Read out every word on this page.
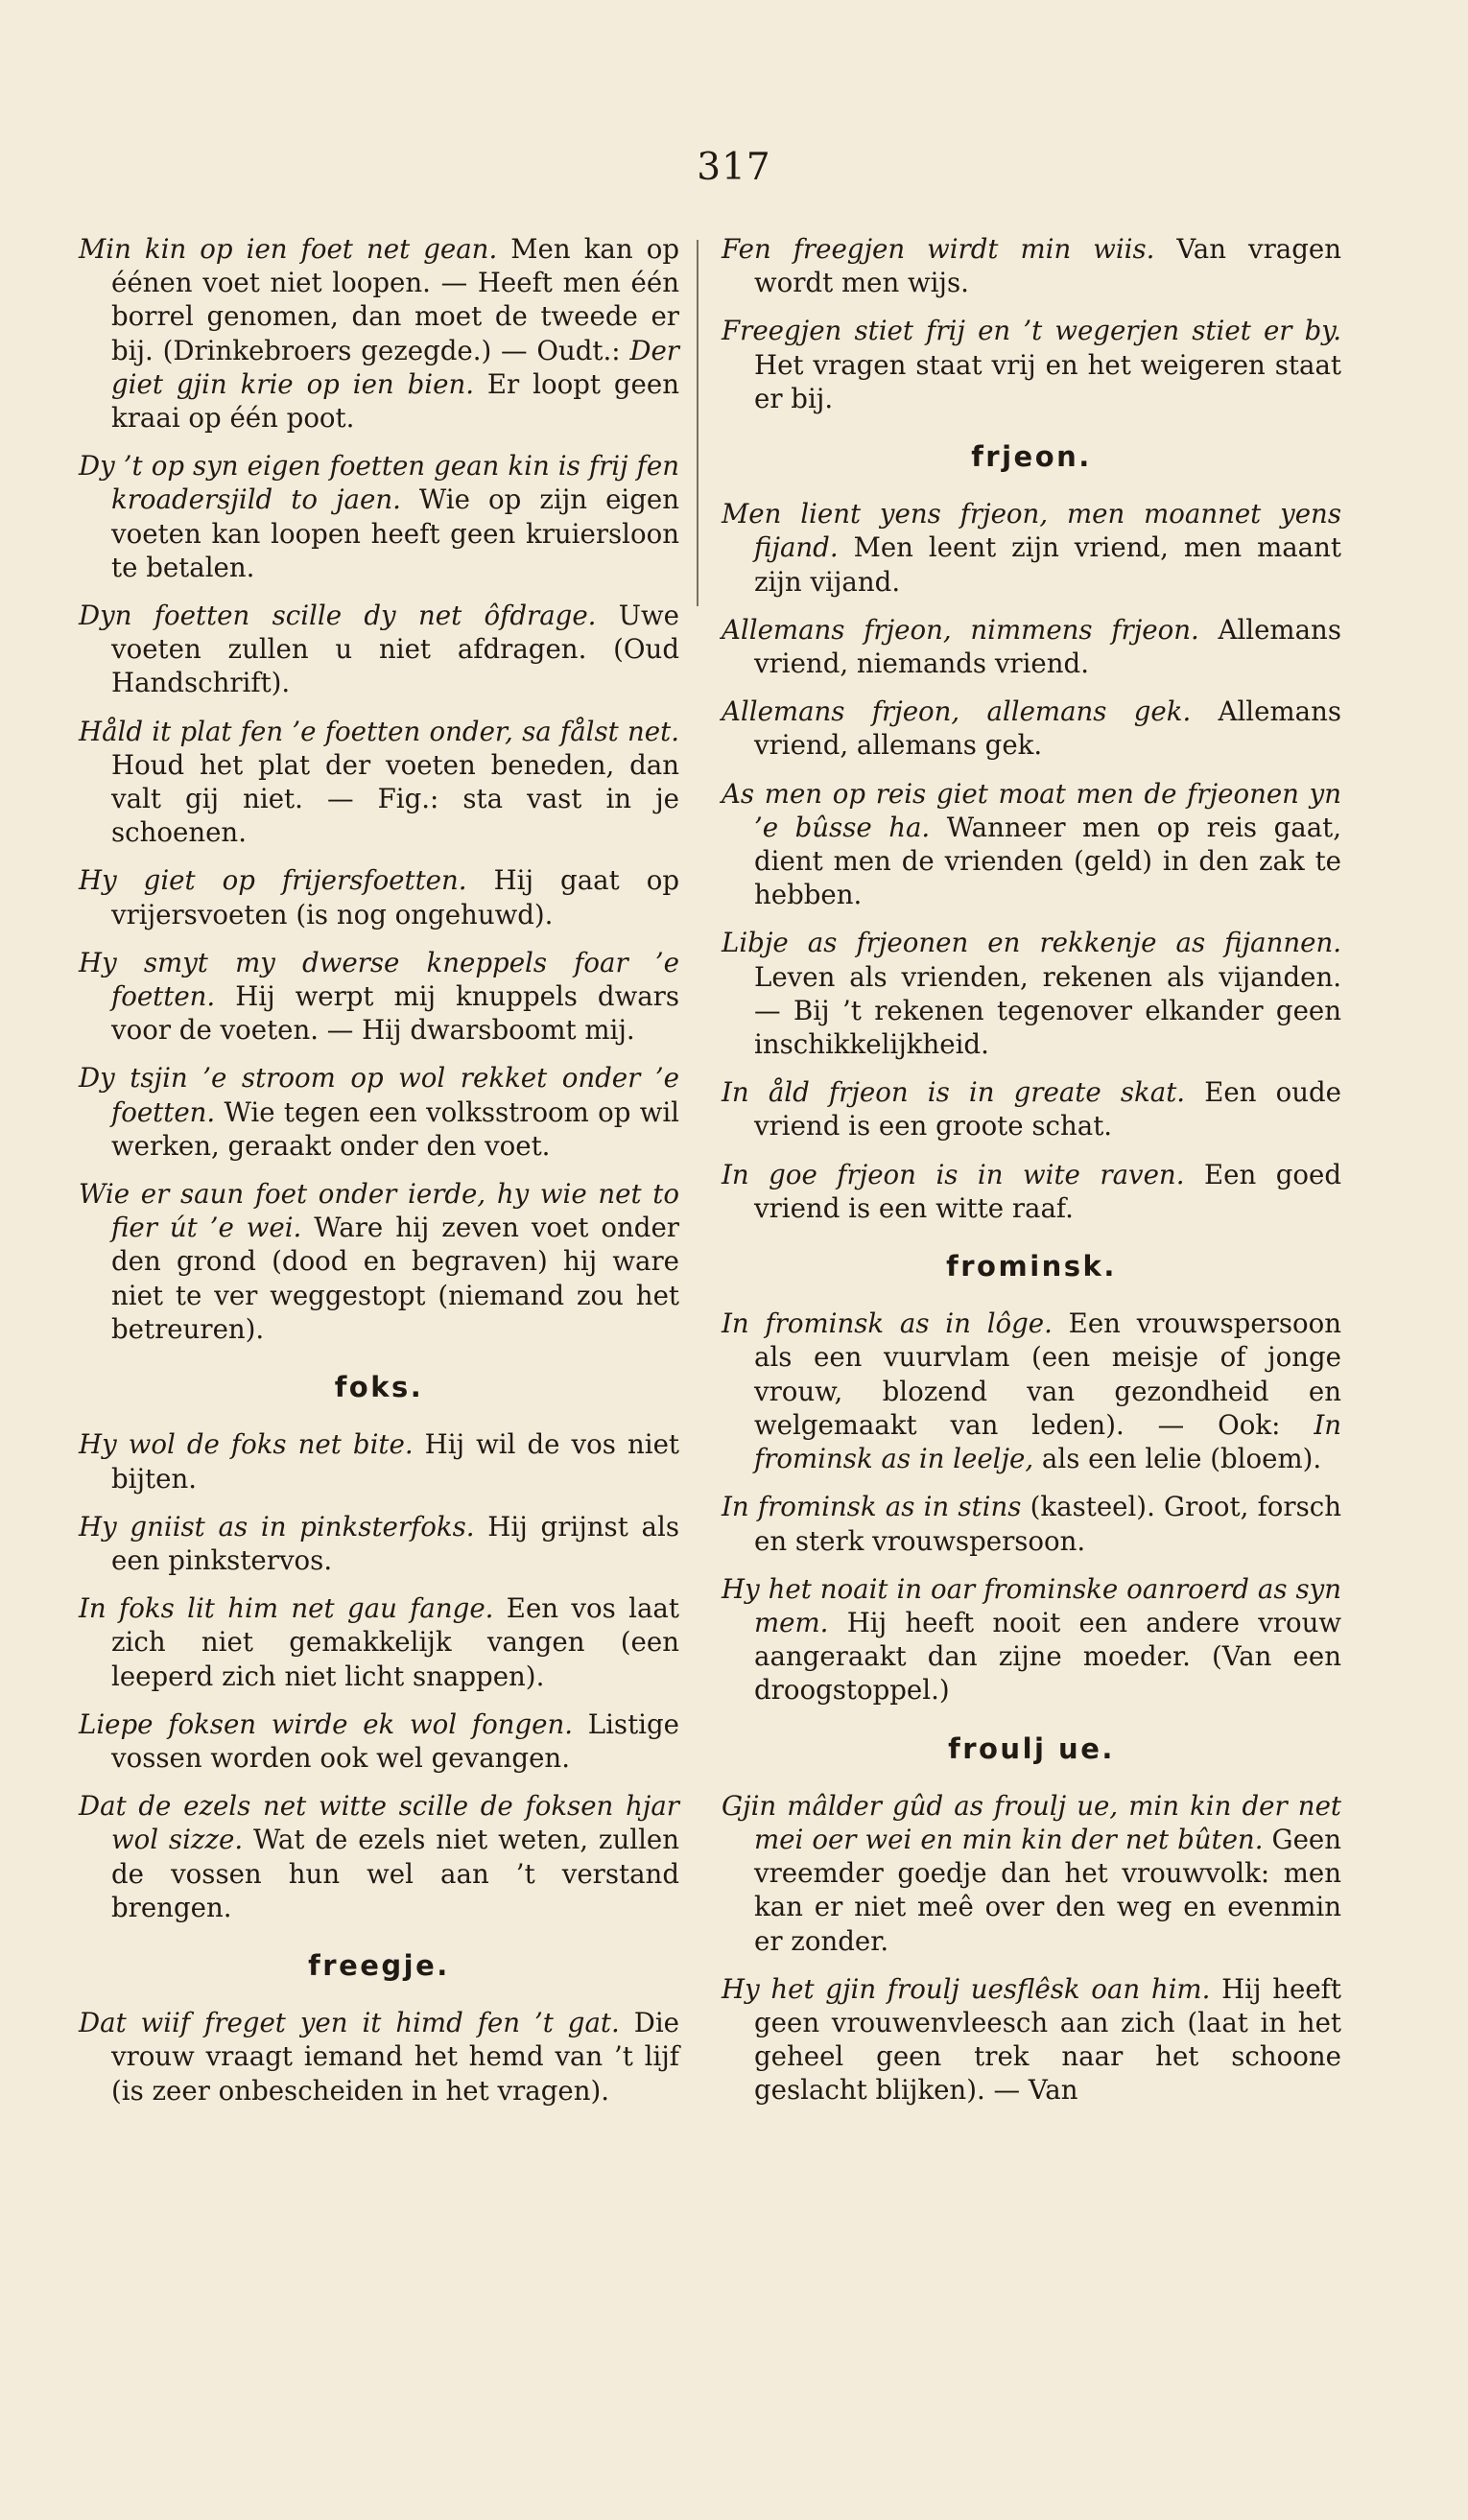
317

Min kin op ien foet net gean. Men kan op éénen voet niet loopen. — Heeft men één borrel genomen, dan moet de tweede er bij. (Drinkebroers gezegde.) — Oudt.: Der giet gjin krie op ien bien. Er loopt geen kraai op één poot.

Dy ’t op syn eigen foetten gean kin is frij fen kroadersjild to jaen. Wie op zijn eigen voeten kan loopen heeft geen kruiersloon te betalen.

Dyn foetten scille dy net ôfdrage. Uwe voeten zullen u niet afdragen. (Oud Handschrift).

Håld it plat fen ’e foetten onder, sa fålst net. Houd het plat der voeten beneden, dan valt gij niet. — Fig.: sta vast in je schoenen.

Hy giet op frijersfoetten. Hij gaat op vrijersvoeten (is nog ongehuwd).

Hy smyt my dwerse kneppels foar ’e foetten. Hij werpt mij knuppels dwars voor de voeten. — Hij dwarsboomt mij.

Dy tsjin ’e stroom op wol rekket onder ’e foetten. Wie tegen een volksstroom op wil werken, geraakt onder den voet.

Wie er saun foet onder ierde, hy wie net to fier út ’e wei. Ware hij zeven voet onder den grond (dood en begraven) hij ware niet te ver weggestopt (niemand zou het betreuren).

foks.

Hy wol de foks net bite. Hij wil de vos niet bijten.

Hy gniist as in pinksterfoks. Hij grijnst als een pinkstervos.

In foks lit him net gau fange. Een vos laat zich niet gemakkelijk vangen (een leeperd zich niet licht snappen).

Liepe foksen wirde ek wol fongen. Listige vossen worden ook wel gevangen.

Dat de ezels net witte scille de foksen hjar wol sizze. Wat de ezels niet weten, zullen de vossen hun wel aan ’t verstand brengen.

freegje.

Dat wiif freget yen it himd fen ’t gat. Die vrouw vraagt iemand het hemd van ’t lijf (is zeer onbescheiden in het vragen).

Fen freegjen wirdt min wiis. Van vragen wordt men wijs.

Freegjen stiet frij en ’t wegerjen stiet er by. Het vragen staat vrij en het weigeren staat er bij.

frjeon.

Men lient yens frjeon, men moannet yens fijand. Men leent zijn vriend, men maant zijn vijand.

Allemans frjeon, nimmens frjeon. Allemans vriend, niemands vriend.

Allemans frjeon, allemans gek. Allemans vriend, allemans gek.

As men op reis giet moat men de frjeonen yn ’e bûsse ha. Wanneer men op reis gaat, dient men de vrienden (geld) in den zak te hebben.

Libje as frjeonen en rekkenje as fijannen. Leven als vrienden, rekenen als vijanden. — Bij ’t rekenen tegenover elkander geen inschikkelijkheid.

In åld frjeon is in greate skat. Een oude vriend is een groote schat.

In goe frjeon is in wite raven. Een goed vriend is een witte raaf.

frominsk.

In frominsk as in lôge. Een vrouwspersoon als een vuurvlam (een meisje of jonge vrouw, blozend van gezondheid en welgemaakt van leden). — Ook: In frominsk as in leelje, als een lelie (bloem).

In frominsk as in stins (kasteel). Groot, forsch en sterk vrouwspersoon.

Hy het noait in oar frominske oanroerd as syn mem. Hij heeft nooit een andere vrouw aangeraakt dan zijne moeder. (Van een droogstoppel.)

froulj ue.

Gjin mâlder gûd as froulj ue, min kin der net mei oer wei en min kin der net bûten. Geen vreemder goedje dan het vrouwvolk: men kan er niet meê over den weg en evenmin er zonder.

Hy het gjin froulj uesflêsk oan him. Hij heeft geen vrouwenvleesch aan zich (laat in het geheel geen trek naar het schoone geslacht blijken). — Van
